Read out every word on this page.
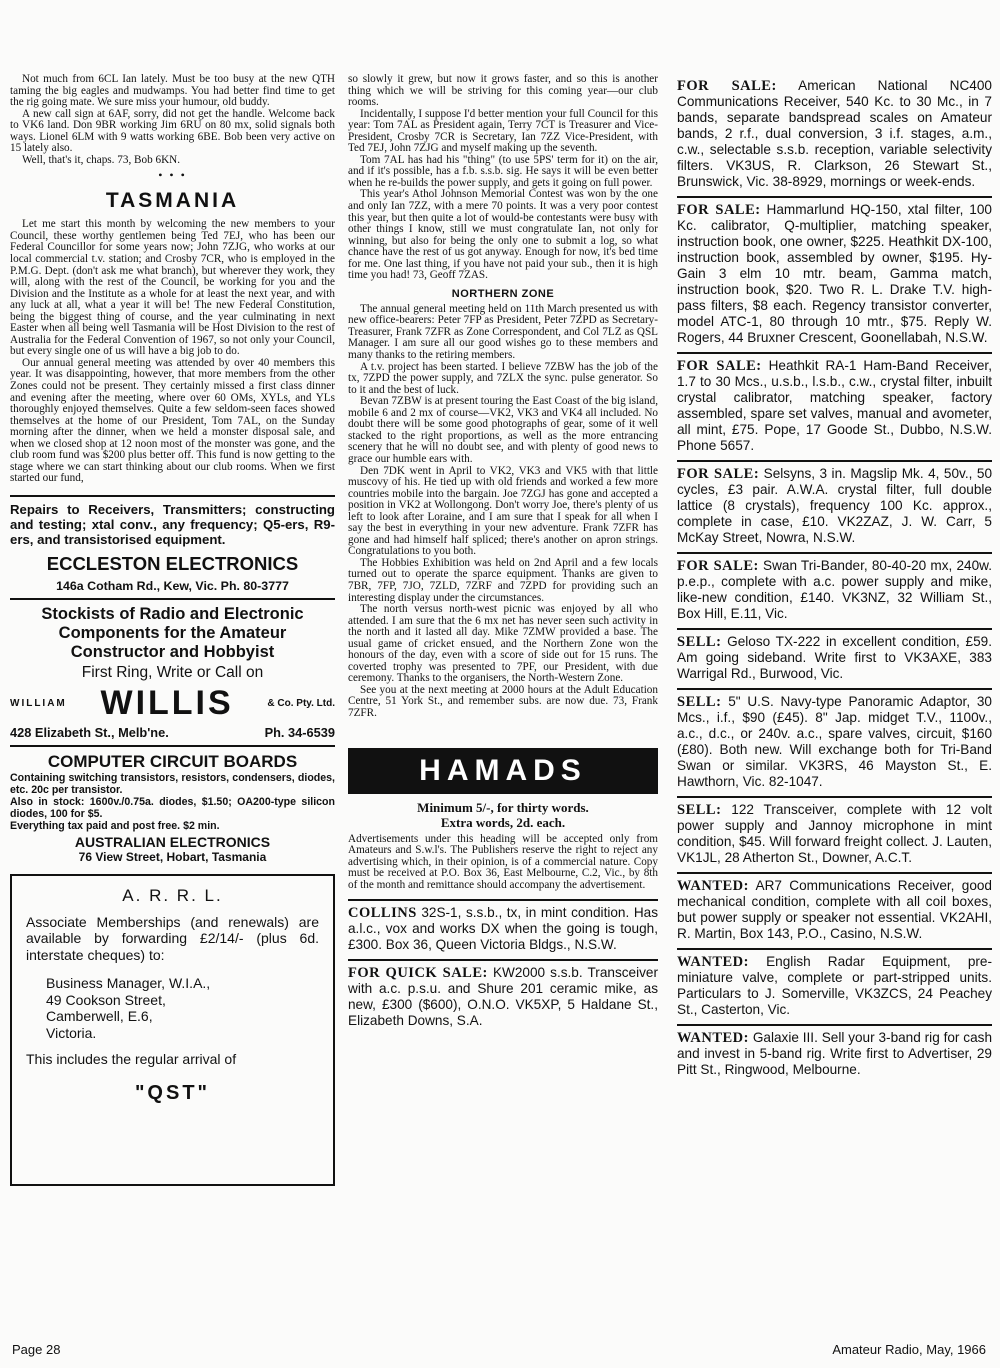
Not much from 6CL Ian lately. Must be too busy at the new QTH taming the big eagles and mudwamps. You had better find time to get the rig going mate. We sure miss your humour, old buddy.

A new call sign at 6AF, sorry, did not get the handle. Welcome back to VK6 land. Don 9BR working Jim 6RU on 80 mx, solid signals both ways. Lionel 6LM with 9 watts working 6BE. Bob been very active on 15 lately also.

Well, that's it, chaps. 73, Bob 6KN.

• • •
TASMANIA

Let me start this month by welcoming the new members to your Council, these worthy gentlemen being Ted 7EJ, who has been our Federal Councillor for some years now; John 7ZJG, who works at our local commercial t.v. station; and Crosby 7CR, who is employed in the P.M.G. Dept. (don't ask me what branch), but wherever they work, they will, along with the rest of the Council, be working for you and the Division and the Institute as a whole for at least the next year, and with any luck at all, what a year it will be! The new Federal Constitution, being the biggest thing of course, and the year culminating in next Easter when all being well Tasmania will be Host Division to the rest of Australia for the Federal Convention of 1967, so not only your Council, but every single one of us will have a big job to do.

Our annual general meeting was attended by over 40 members this year. It was disappointing, however, that more members from the other Zones could not be present. They certainly missed a first class dinner and evening after the meeting, where over 60 OMs, XYLs, and YLs thoroughly enjoyed themselves. Quite a few seldom-seen faces showed themselves at the home of our President, Tom 7AL, on the Sunday morning after the dinner, when we held a monster disposal sale, and when we closed shop at 12 noon most of the monster was gone, and the club room fund was $200 plus better off. This fund is now getting to the stage where we can start thinking about our club rooms. When we first started our fund,

Repairs to Receivers, Transmitters; constructing and testing; xtal conv., any frequency; Q5-ers, R9-ers, and transistorised equipment.

ECCLESTON ELECTRONICS
146a Cotham Rd., Kew, Vic. Ph. 80-3777
Stockists of Radio and Electronic
Components for the Amateur
Constructor and Hobbyist
First Ring, Write or Call on
WILLIAM WILLIS	& Co. Pty. Ltd.
428 Elizabeth St., Melb'ne.	Ph. 34-6539
COMPUTER CIRCUIT BOARDS
Containing switching transistors, resistors, condensers, diodes, etc. 20c per transistor.
Also in stock: 1600v./0.75a. diodes, $1.50; OA200-type silicon diodes, 100 for $5.
Everything tax paid and post free. $2 min.
AUSTRALIAN ELECTRONICS
76 View Street, Hobart, Tasmania
A. R. R. L.

Associate Memberships (and renewals) are available by forwarding £2/14/- (plus 6d. interstate cheques) to:

Business Manager, W.I.A.,
49 Cookson Street,
Camberwell, E.6,
Victoria.

This includes the regular arrival of

"QST"

so slowly it grew, but now it grows faster, and so this is another thing which we will be striving for this coming year—our club rooms.

Incidentally, I suppose I'd better mention your full Council for this year: Tom 7AL as President again, Terry 7CT is Treasurer and Vice-President, Crosby 7CR is Secretary, Ian 7ZZ Vice-President, with Ted 7EJ, John 7ZJG and myself making up the seventh.

Tom 7AL has had his "thing" (to use 5PS' term for it) on the air, and if it's possible, has a f.b. s.s.b. sig. He says it will be even better when he re-builds the power supply, and gets it going on full power.

This year's Athol Johnson Memorial Contest was won by the one and only Ian 7ZZ, with a mere 70 points. It was a very poor contest this year, but then quite a lot of would-be contestants were busy with other things I know, still we must congratulate Ian, not only for winning, but also for being the only one to submit a log, so what chance have the rest of us got anyway. Enough for now, it's bed time for me. One last thing, if you have not paid your sub., then it is high time you had! 73, Geoff 7ZAS.

NORTHERN ZONE

The annual general meeting held on 11th March presented us with new office-bearers: Peter 7FP as President, Peter 7ZPD as Secretary-Treasurer, Frank 7ZFR as Zone Correspondent, and Col 7LZ as QSL Manager. I am sure all our good wishes go to these members and many thanks to the retiring members.

A t.v. project has been started. I believe 7ZBW has the job of the tx, 7ZPD the power supply, and 7ZLX the sync. pulse generator. So to it and the best of luck.

Bevan 7ZBW is at present touring the East Coast of the big island, mobile 6 and 2 mx of course—VK2, VK3 and VK4 all included. No doubt there will be some good photographs of gear, some of it well stacked to the right proportions, as well as the more entrancing scenery that he will no doubt see, and with plenty of good news to grace our humble ears with.

Den 7DK went in April to VK2, VK3 and VK5 with that little muscovy of his. He tied up with old friends and worked a few more countries mobile into the bargain. Joe 7ZGJ has gone and accepted a position in VK2 at Wollongong. Don't worry Joe, there's plenty of us left to look after Loraine, and I am sure that I speak for all when I say the best in everything in your new adventure. Frank 7ZFR has gone and had himself half spliced; there's another on apron strings. Congratulations to you both.

The Hobbies Exhibition was held on 2nd April and a few locals turned out to operate the sparce equipment. Thanks are given to 7BR, 7FP, 7JO, 7ZLD, 7ZRF and 7ZPD for providing such an interesting display under the circumstances.

The north versus north-west picnic was enjoyed by all who attended. I am sure that the 6 mx net has never seen such activity in the north and it lasted all day. Mike 7ZMW provided a base. The usual game of cricket ensued, and the Northern Zone won the honours of the day, even with a score of side out for 15 runs. The coverted trophy was presented to 7PF, our President, with due ceremony. Thanks to the organisers, the North-Western Zone.

See you at the next meeting at 2000 hours at the Adult Education Centre, 51 York St., and remember subs. are now due. 73, Frank 7ZFR.

HAMADS
Minimum 5/-, for thirty words.
Extra words, 2d. each.
Advertisements under this heading will be accepted only from Amateurs and S.w.l's. The Publishers reserve the right to reject any advertising which, in their opinion, is of a commercial nature. Copy must be received at P.O. Box 36, East Melbourne, C.2, Vic., by 8th of the month and remittance should accompany the advertisement.

COLLINS 32S-1, s.s.b., tx, in mint condition. Has a.l.c., vox and works DX when the going is tough, £300. Box 36, Queen Victoria Bldgs., N.S.W.

FOR QUICK SALE: KW2000 s.s.b. Transceiver with a.c. p.s.u. and Shure 201 ceramic mike, as new, £300 ($600), O.N.O. VK5XP, 5 Haldane St., Elizabeth Downs, S.A.

FOR SALE: American National NC400 Communications Receiver, 540 Kc. to 30 Mc., in 7 bands, separate bandspread scales on Amateur bands, 2 r.f., dual conversion, 3 i.f. stages, a.m., c.w., selectable s.s.b. reception, variable selectivity filters. VK3US, R. Clarkson, 26 Stewart St., Brunswick, Vic. 38-8929, mornings or week-ends.

FOR SALE: Hammarlund HQ-150, xtal filter, 100 Kc. calibrator, Q-multiplier, matching speaker, instruction book, one owner, $225. Heathkit DX-100, instruction book, assembled by owner, $195. Hy-Gain 3 elm 10 mtr. beam, Gamma match, instruction book, $20. Two R. L. Drake T.V. high-pass filters, $8 each. Regency transistor converter, model ATC-1, 80 through 10 mtr., $75. Reply W. Rogers, 44 Bruxner Crescent, Goonellabah, N.S.W.

FOR SALE: Heathkit RA-1 Ham-Band Receiver, 1.7 to 30 Mcs., u.s.b., l.s.b., c.w., crystal filter, inbuilt crystal calibrator, matching speaker, factory assembled, spare set valves, manual and avometer, all mint, £75. Pope, 17 Goode St., Dubbo, N.S.W. Phone 5657.

FOR SALE: Selsyns, 3 in. Magslip Mk. 4, 50v., 50 cycles, £3 pair. A.W.A. crystal filter, full double lattice (8 crystals), frequency 100 Kc. approx., complete in case, £10. VK2ZAZ, J. W. Carr, 5 McKay Street, Nowra, N.S.W.

FOR SALE: Swan Tri-Bander, 80-40-20 mx, 240w. p.e.p., complete with a.c. power supply and mike, like-new condition, £140. VK3NZ, 32 William St., Box Hill, E.11, Vic.

SELL: Geloso TX-222 in excellent condition, £59. Am going sideband. Write first to VK3AXE, 383 Warrigal Rd., Burwood, Vic.

SELL: 5" U.S. Navy-type Panoramic Adaptor, 30 Mcs., i.f., $90 (£45). 8" Jap. midget T.V., 1100v., a.c., d.c., or 240v. a.c., spare valves, circuit, $160 (£80). Both new. Will exchange both for Tri-Band Swan or similar. VK3RS, 46 Mayston St., E. Hawthorn, Vic. 82-1047.

SELL: 122 Transceiver, complete with 12 volt power supply and Jannoy microphone in mint condition, $45. Will forward freight collect. J. Lauten, VK1JL, 28 Atherton St., Downer, A.C.T.

WANTED: AR7 Communications Receiver, good mechanical condition, complete with all coil boxes, but power supply or speaker not essential. VK2AHI, R. Martin, Box 143, P.O., Casino, N.S.W.

WANTED: English Radar Equipment, pre-miniature valve, complete or part-stripped units. Particulars to J. Somerville, VK3ZCS, 24 Peachey St., Casterton, Vic.

WANTED: Galaxie III. Sell your 3-band rig for cash and invest in 5-band rig. Write first to Advertiser, 29 Pitt St., Ringwood, Melbourne.

Page 28	Amateur Radio, May, 1966
